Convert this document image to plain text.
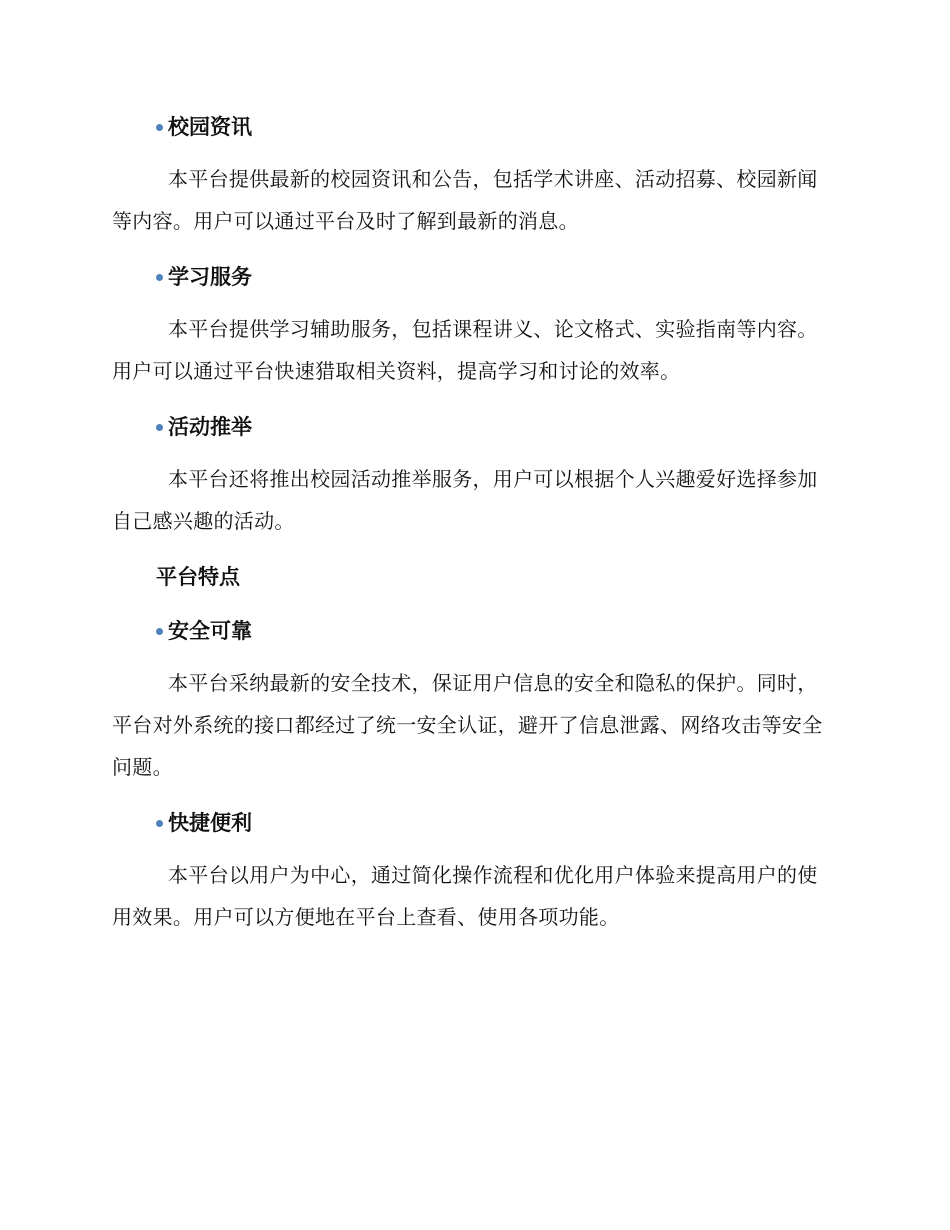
校园资讯

本平台提供最新的校园资讯和公告，包括学术讲座、活动招募、校园新闻等内容。用户可以通过平台及时了解到最新的消息。

学习服务

本平台提供学习辅助服务，包括课程讲义、论文格式、实验指南等内容。用户可以通过平台快速猎取相关资料，提高学习和讨论的效率。

活动推举

本平台还将推出校园活动推举服务，用户可以根据个人兴趣爱好选择参加自己感兴趣的活动。

平台特点
安全可靠

本平台采纳最新的安全技术，保证用户信息的安全和隐私的保护。同时，平台对外系统的接口都经过了统一安全认证，避开了信息泄露、网络攻击等安全问题。

快捷便利

本平台以用户为中心，通过简化操作流程和优化用户体验来提高用户的使用效果。用户可以方便地在平台上查看、使用各项功能。
